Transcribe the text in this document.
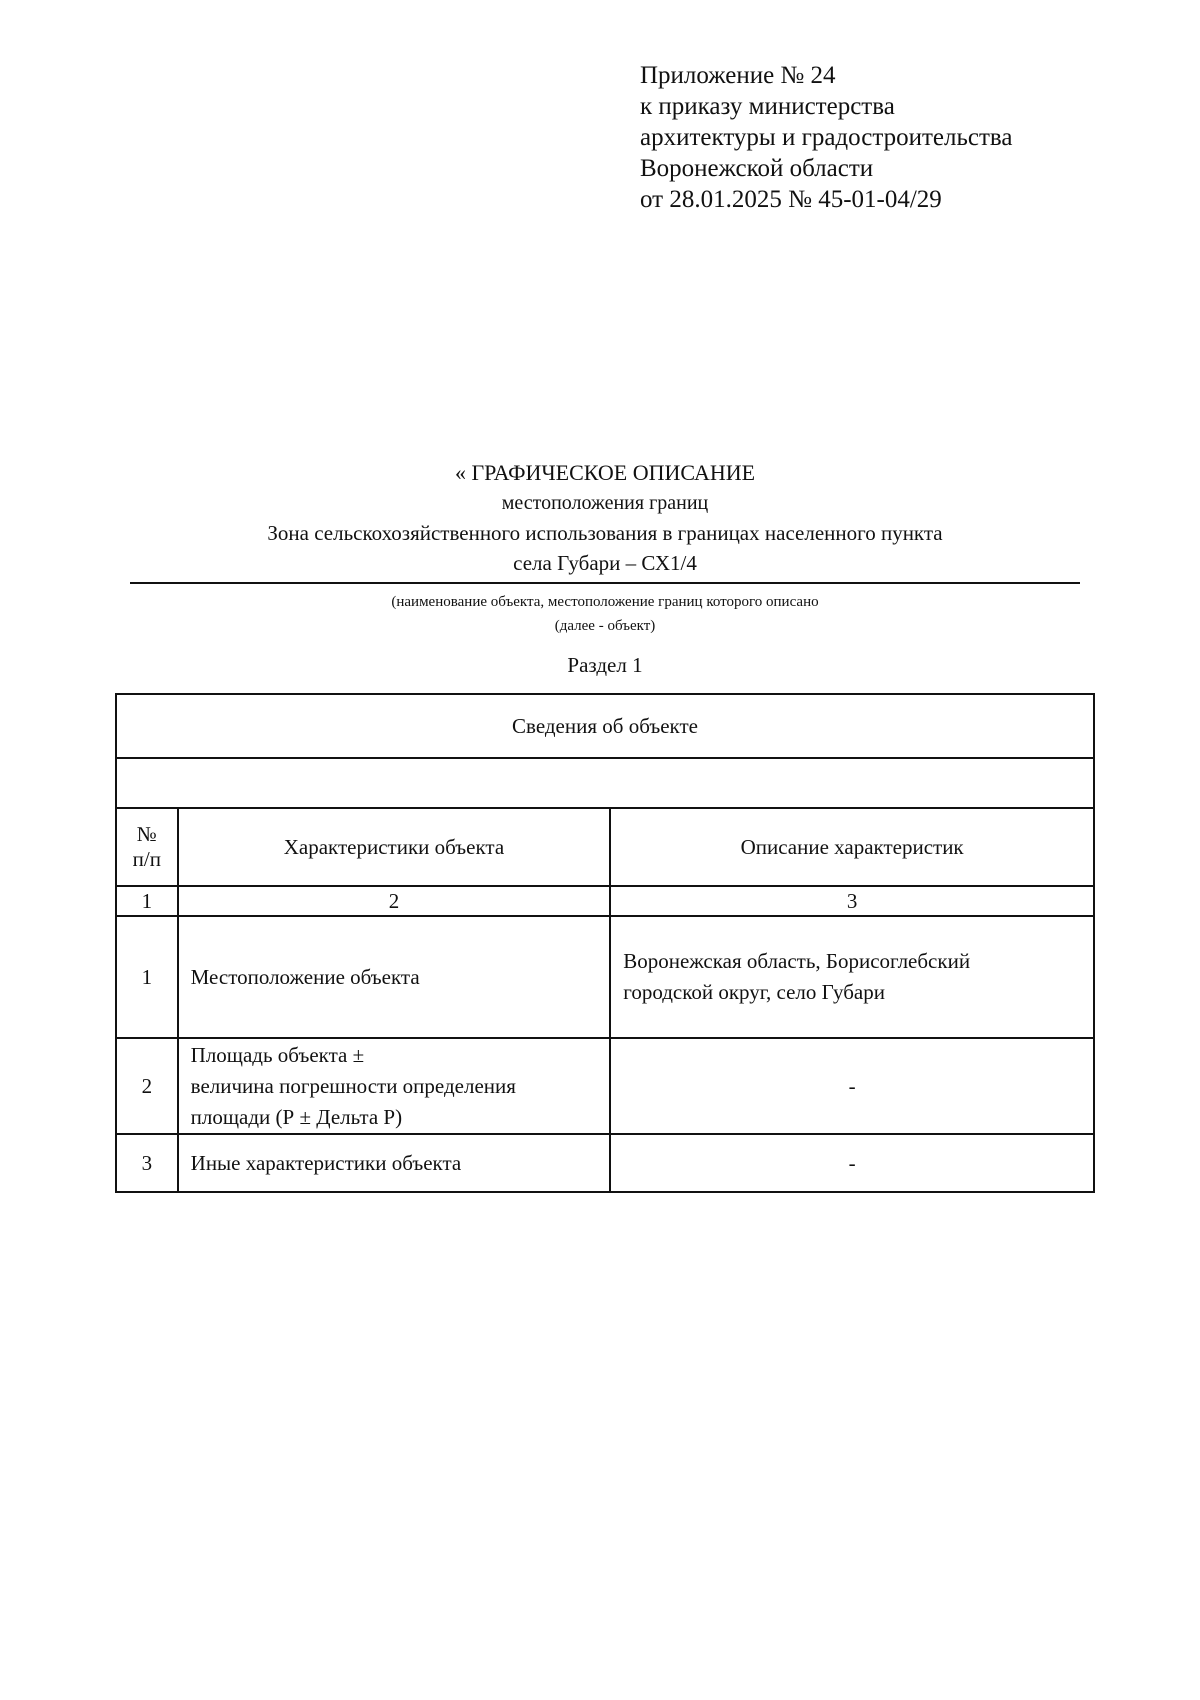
Приложение № 24
к приказу министерства
архитектуры и градостроительства
Воронежской области
от 28.01.2025 № 45-01-04/29
« ГРАФИЧЕСКОЕ ОПИСАНИЕ
местоположения границ
Зона сельскохозяйственного использования в границах населенного пункта
села Губари – СХ1/4
(наименование объекта, местоположение границ которого описано
(далее - объект)
Раздел 1
Сведения об объекте		

№
п/п	Характеристики объекта	Описание характеристик
1	2	3
1	Местоположение объекта	Воронежская область, Борисоглебский
городской округ, село Губари

2	Площадь объекта ±
величина погрешности определения
площади (Р ± Дельта Р)	-

3	Иные характеристики объекта	-
